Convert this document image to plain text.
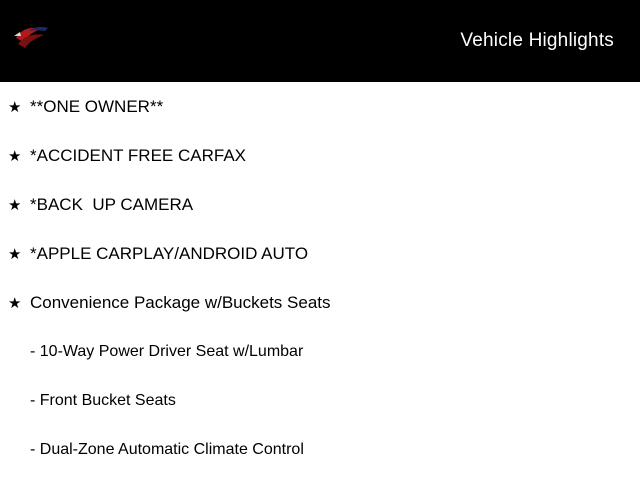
Vehicle Highlights
★ **ONE OWNER**
★ *ACCIDENT FREE CARFAX
★ *BACK  UP CAMERA
★ *APPLE CARPLAY/ANDROID AUTO
★ Convenience Package w/Buckets Seats
- 10-Way Power Driver Seat w/Lumbar
- Front Bucket Seats
- Dual-Zone Automatic Climate Control
